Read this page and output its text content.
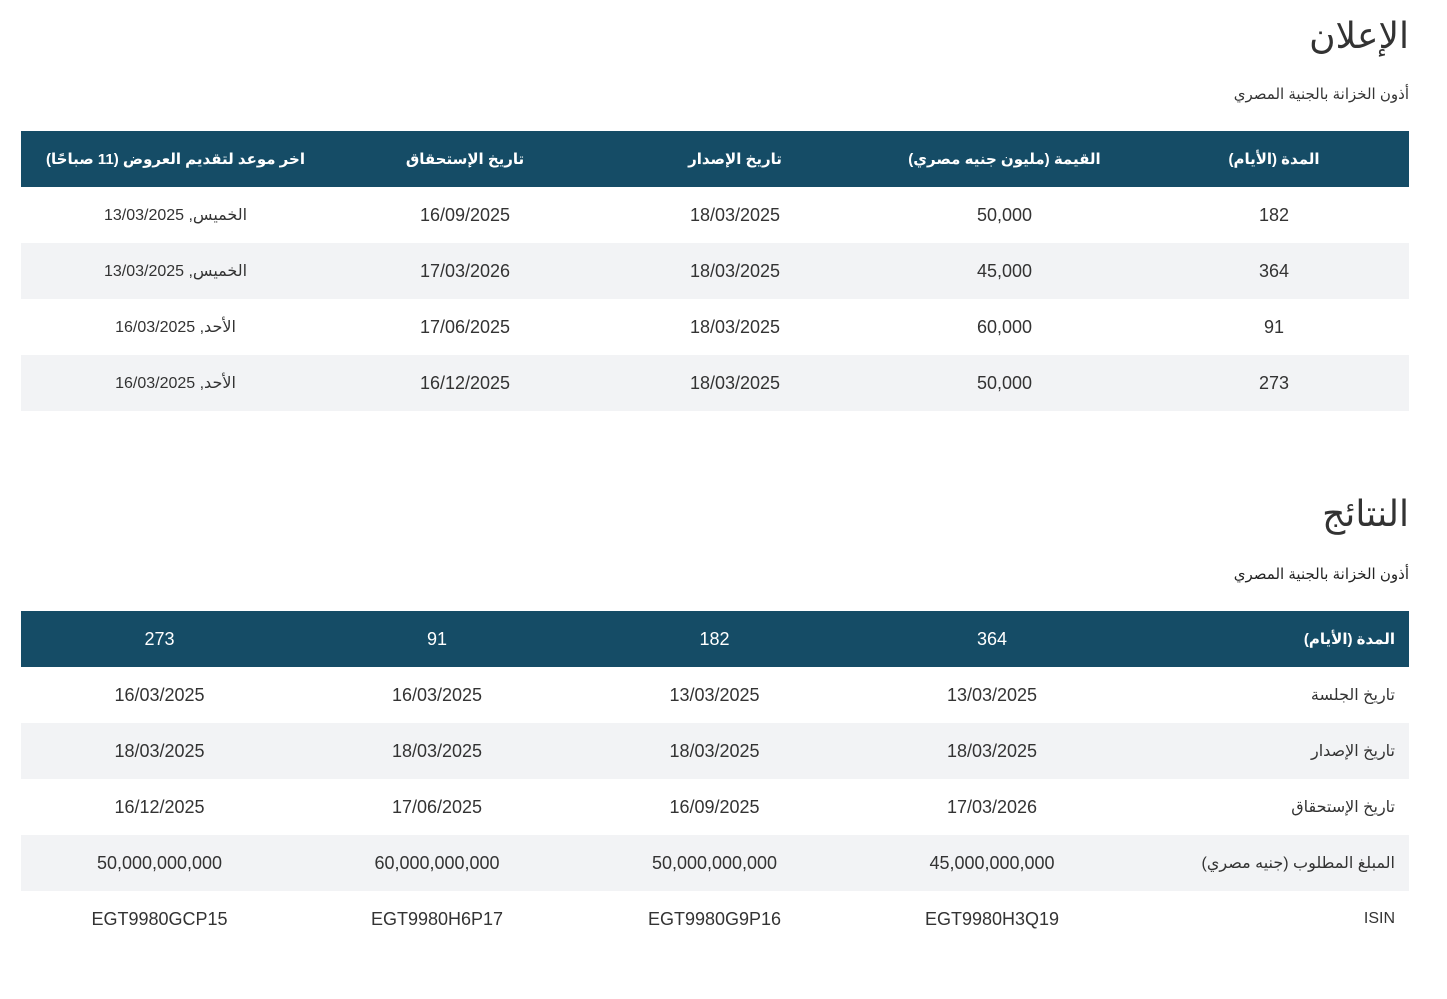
الإعلان

أذون الخزانة بالجنية المصري

المدة (الأيام)	القيمة (مليون جنيه مصري)	تاريخ الإصدار	تاريخ الإستحقاق	اخر موعد لتقديم العروض (11 صباحًا)
182	50,000	18/03/2025	16/09/2025	الخميس, 13/03/2025
364	45,000	18/03/2025	17/03/2026	الخميس, 13/03/2025
91	60,000	18/03/2025	17/06/2025	الأحد, 16/03/2025
273	50,000	18/03/2025	16/12/2025	الأحد, 16/03/2025
النتائج

أذون الخزانة بالجنية المصري

المدة (الأيام)	364	182	91	273
تاريخ الجلسة	13/03/2025	13/03/2025	16/03/2025	16/03/2025
تاريخ الإصدار	18/03/2025	18/03/2025	18/03/2025	18/03/2025
تاريخ الإستحقاق	17/03/2026	16/09/2025	17/06/2025	16/12/2025
المبلغ المطلوب (جنيه مصري)	45,000,000,000	50,000,000,000	60,000,000,000	50,000,000,000
ISIN	EGT9980H3Q19	EGT9980G9P16	EGT9980H6P17	EGT9980GCP15
